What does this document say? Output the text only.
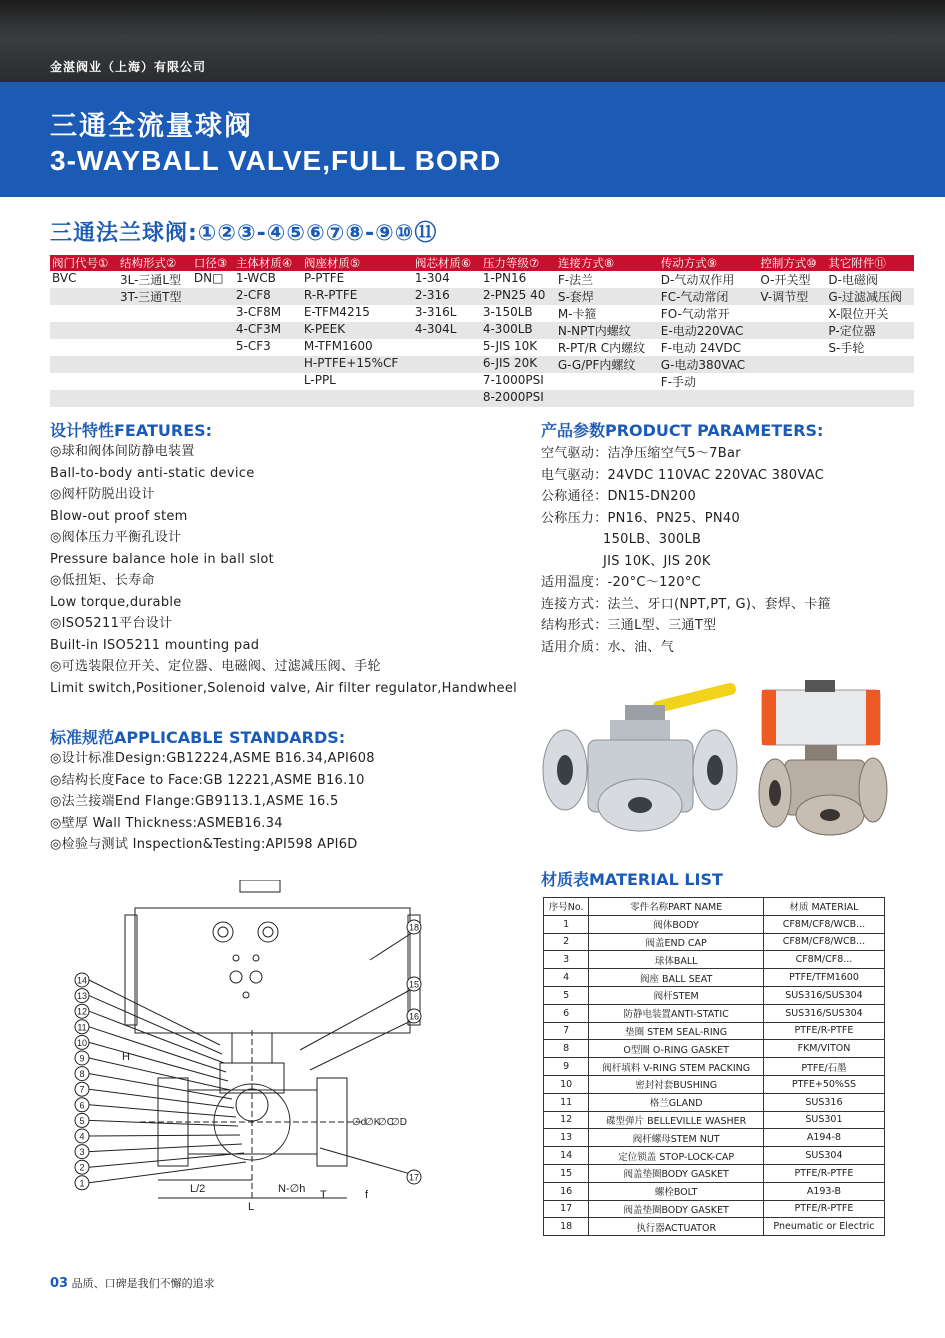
金湛阀业（上海）有限公司
三通全流量球阀
3-WAYBALL VALVE,FULL BORD
三通法兰球阀:①②③-④⑤⑥⑦⑧-⑨⑩⑪
阀门代号①	结构形式②	口径③	主体材质④	阀座材质⑤	阀芯材质⑥	压力等级⑦	连接方式⑧	传动方式⑨	控制方式⑩	其它附件⑪
BVC	3L-三通L型	DN□	1-WCB	P-PTFE	1-304	1-PN16	F-法兰	D-气动双作用	O-开关型	D-电磁阀
	3T-三通T型		2-CF8	R-R-PTFE	2-316	2-PN25 40	S-套焊	FC-气动常闭	V-调节型	G-过滤减压阀
			3-CF8M	E-TFM4215	3-316L	3-150LB	M-卡箍	FO-气动常开		X-限位开关
			4-CF3M	K-PEEK	4-304L	4-300LB	N-NPT内螺纹	E-电动220VAC		P-定位器
			5-CF3	M-TFM1600		5-JIS 10K	R-PT/R C内螺纹	F-电动 24VDC		S-手轮
				H-PTFE+15%CF		6-JIS 20K	G-G/PF内螺纹	G-电动380VAC		
				L-PPL		7-1000PSI		F-手动		
						8-2000PSI				
设计特性FEATURES:
◎球和阀体间防静电装置
Ball-to-body anti-static device
◎阀杆防脱出设计
Blow-out proof stem
◎阀体压力平衡孔设计
Pressure balance hole in ball slot
◎低扭矩、长寿命
Low torque,durable
◎ISO5211平台设计
Built-in ISO5211 mounting pad
◎可选装限位开关、定位器、电磁阀、过滤减压阀、手轮
Limit switch,Positioner,Solenoid valve, Air filter regulator,Handwheel
产品参数PRODUCT PARAMETERS:
空气驱动：洁净压缩空气5～7Bar
电气驱动：24VDC 110VAC 220VAC 380VAC
公称通径：DN15-DN200
公称压力：PN16、PN25、PN40
150LB、300LB
JIS 10K、JIS 20K
适用温度：-20°C～120°C
连接方式：法兰、牙口(NPT,PT, G)、套焊、卡箍
结构形式：三通L型、三通T型
适用介质：水、油、气
标准规范APPLICABLE STANDARDS:
◎设计标准Design:GB12224,ASME B16.34,API608
◎结构长度Face to Face:GB 12221,ASME B16.10
◎法兰接端End Flange:GB9113.1,ASME 16.5
◎壁厚 Wall Thickness:ASMEB16.34
◎检验与测试 Inspection&Testing:API598 API6D
材质表MATERIAL LIST
序号No.	零件名称PART NAME	材质 MATERIAL
1	阀体BODY	CF8M/CF8/WCB...
2	阀盖END CAP	CF8M/CF8/WCB...
3	球体BALL	CF8M/CF8...
4	阀座 BALL SEAT	PTFE/TFM1600
5	阀杆STEM	SUS316/SUS304
6	防静电装置ANTI-STATIC	SUS316/SUS304
7	垫圈 STEM SEAL-RING	PTFE/R-PTFE
8	O型圈 O-RING GASKET	FKM/VITON
9	阀杆填料 V-RING STEM PACKING	PTFE/石墨
10	密封衬套BUSHING	PTFE+50%SS
11	格兰GLAND	SUS316
12	碟型弹片 BELLEVILLE WASHER	SUS301
13	阀杆螺母STEM NUT	A194-8
14	定位锁盖 STOP-LOCK-CAP	SUS304
15	阀盖垫圈BODY GASKET	PTFE/R-PTFE
16	螺栓BOLT	A193-B
17	阀盖垫圈BODY GASKET	PTFE/R-PTFE
18	执行器ACTUATOR	Pneumatic or Electric
L/2
L
N-∅h T	f
H
∅d
∅K
∅C
∅D
14
13
12
11
10
9
8
7
6
5
4
3
2
1
18
15
16
17
03 品质、口碑是我们不懈的追求
